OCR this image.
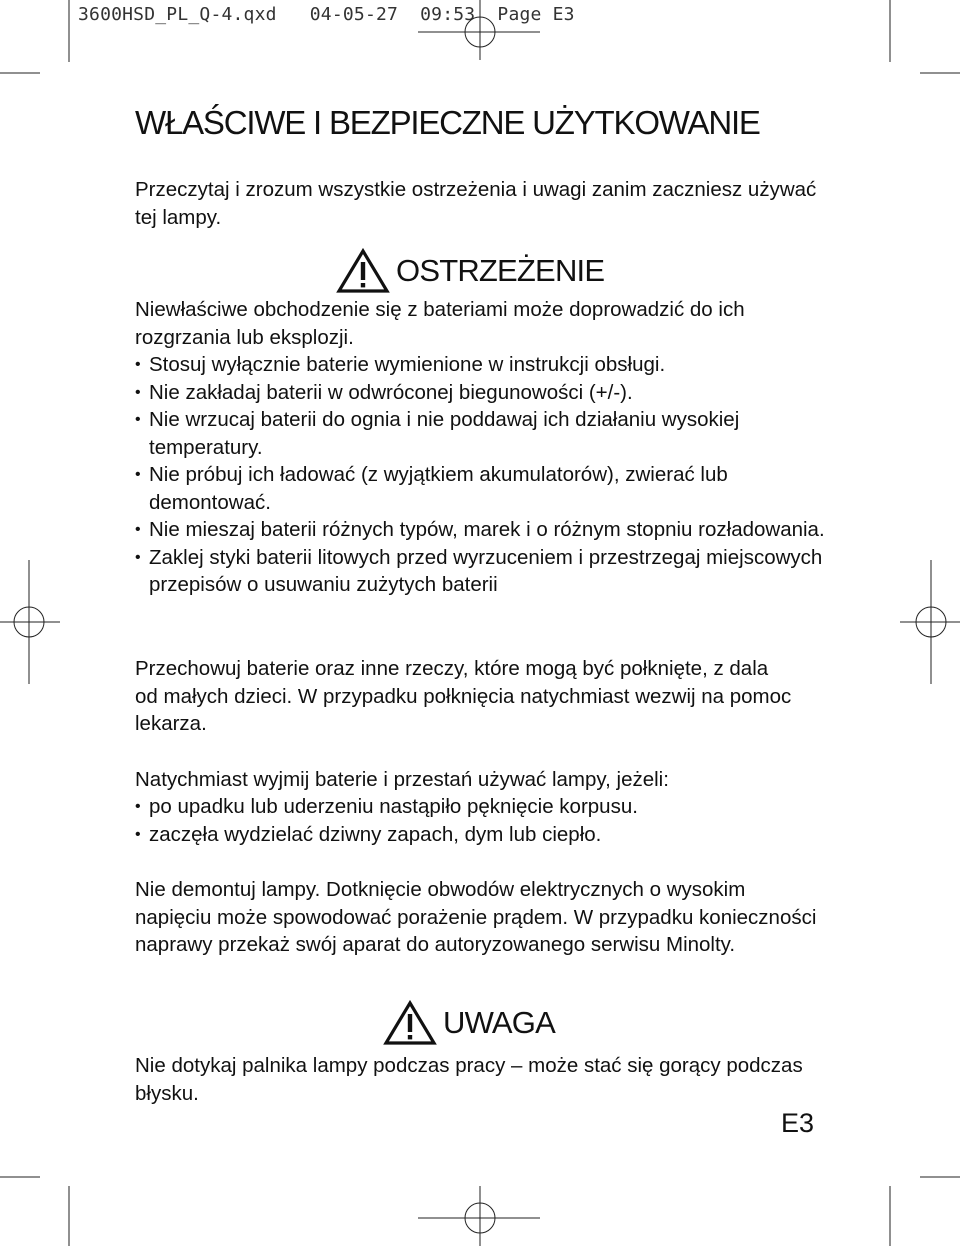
3600HSD_PL_Q-4.qxd   04-05-27  09:53  Page E3
WŁAŚCIWE I BEZPIECZNE UŻYTKOWANIE

Przeczytaj i zrozum wszystkie ostrzeżenia i uwagi zanim zaczniesz używać tej lampy.

OSTRZEŻENIE

Niewłaściwe obchodzenie się z bateriami może doprowadzić do ich rozgrzania lub eksplozji.

• Stosuj wyłącznie baterie wymienione w instrukcji obsługi.
• Nie zakładaj baterii w odwróconej biegunowości (+/-).
• Nie wrzucaj baterii do ognia i nie poddawaj ich działaniu wysokiej temperatury.
• Nie próbuj ich ładować (z wyjątkiem akumulatorów), zwierać lub demontować.
• Nie mieszaj baterii różnych typów, marek i o różnym stopniu rozładowania.
• Zaklej styki baterii litowych przed wyrzuceniem i przestrzegaj miejscowych przepisów o usuwaniu zużytych baterii

Przechowuj baterie oraz inne rzeczy, które mogą być połknięte, z dala od małych dzieci. W przypadku połknięcia natychmiast wezwij na pomoc lekarza.

Natychmiast wyjmij baterie i przestań używać lampy, jeżeli:

• po upadku lub uderzeniu nastąpiło pęknięcie korpusu.
• zaczęła wydzielać dziwny zapach, dym lub ciepło.

Nie demontuj lampy. Dotknięcie obwodów elektrycznych o wysokim napięciu może spowodować porażenie prądem. W przypadku konieczności naprawy przekaż swój aparat do autoryzowanego serwisu Minolty.

UWAGA

Nie dotykaj palnika lampy podczas pracy – może stać się gorący podczas błysku.

E3
